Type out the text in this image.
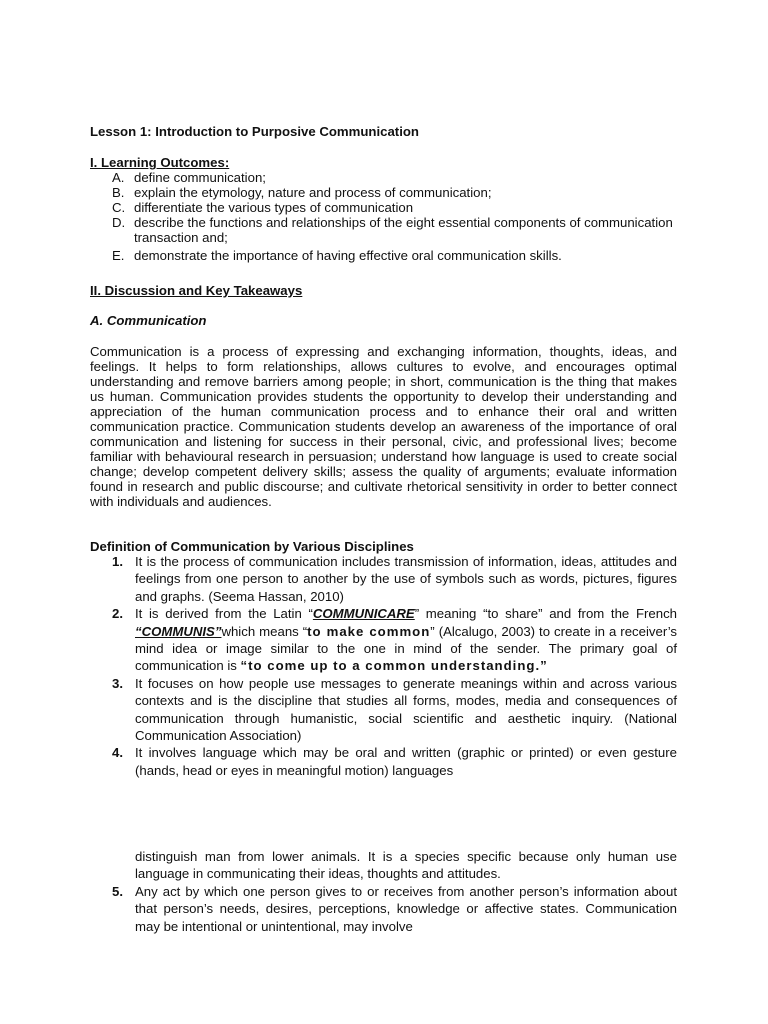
Lesson 1: Introduction to Purposive Communication
I. Learning Outcomes:
A. define communication;
B. explain the etymology, nature and process of communication;
C. differentiate the various types of communication
D. describe the functions and relationships of the eight essential components of communication transaction and;
E. demonstrate the importance of having effective oral communication skills.
II. Discussion and Key Takeaways
A. Communication
Communication is a process of expressing and exchanging information, thoughts, ideas, and feelings. It helps to form relationships, allows cultures to evolve, and encourages optimal understanding and remove barriers among people; in short, communication is the thing that makes us human. Communication provides students the opportunity to develop their understanding and appreciation of the human communication process and to enhance their oral and written communication practice. Communication students develop an awareness of the importance of oral communication and listening for success in their personal, civic, and professional lives; become familiar with behavioural research in persuasion; understand how language is used to create social change; develop competent delivery skills; assess the quality of arguments; evaluate information found in research and public discourse; and cultivate rhetorical sensitivity in order to better connect with individuals and audiences.
Definition of Communication by Various Disciplines
1. It is the process of communication includes transmission of information, ideas, attitudes and feelings from one person to another by the use of symbols such as words, pictures, figures and graphs. (Seema Hassan, 2010)
2. It is derived from the Latin “COMMUNICARE” meaning “to share” and from the French “COMMUNIS”which means “to make common” (Alcalugo, 2003) to create in a receiver’s mind idea or image similar to the one in mind of the sender. The primary goal of communication is “to come up to a common understanding.”
3. It focuses on how people use messages to generate meanings within and across various contexts and is the discipline that studies all forms, modes, media and consequences of communication through humanistic, social scientific and aesthetic inquiry. (National Communication Association)
4. It involves language which may be oral and written (graphic or printed) or even gesture (hands, head or eyes in meaningful motion) languages
distinguish man from lower animals. It is a species specific because only human use language in communicating their ideas, thoughts and attitudes.
5. Any act by which one person gives to or receives from another person’s information about that person’s needs, desires, perceptions, knowledge or affective states. Communication may be intentional or unintentional, may involve
